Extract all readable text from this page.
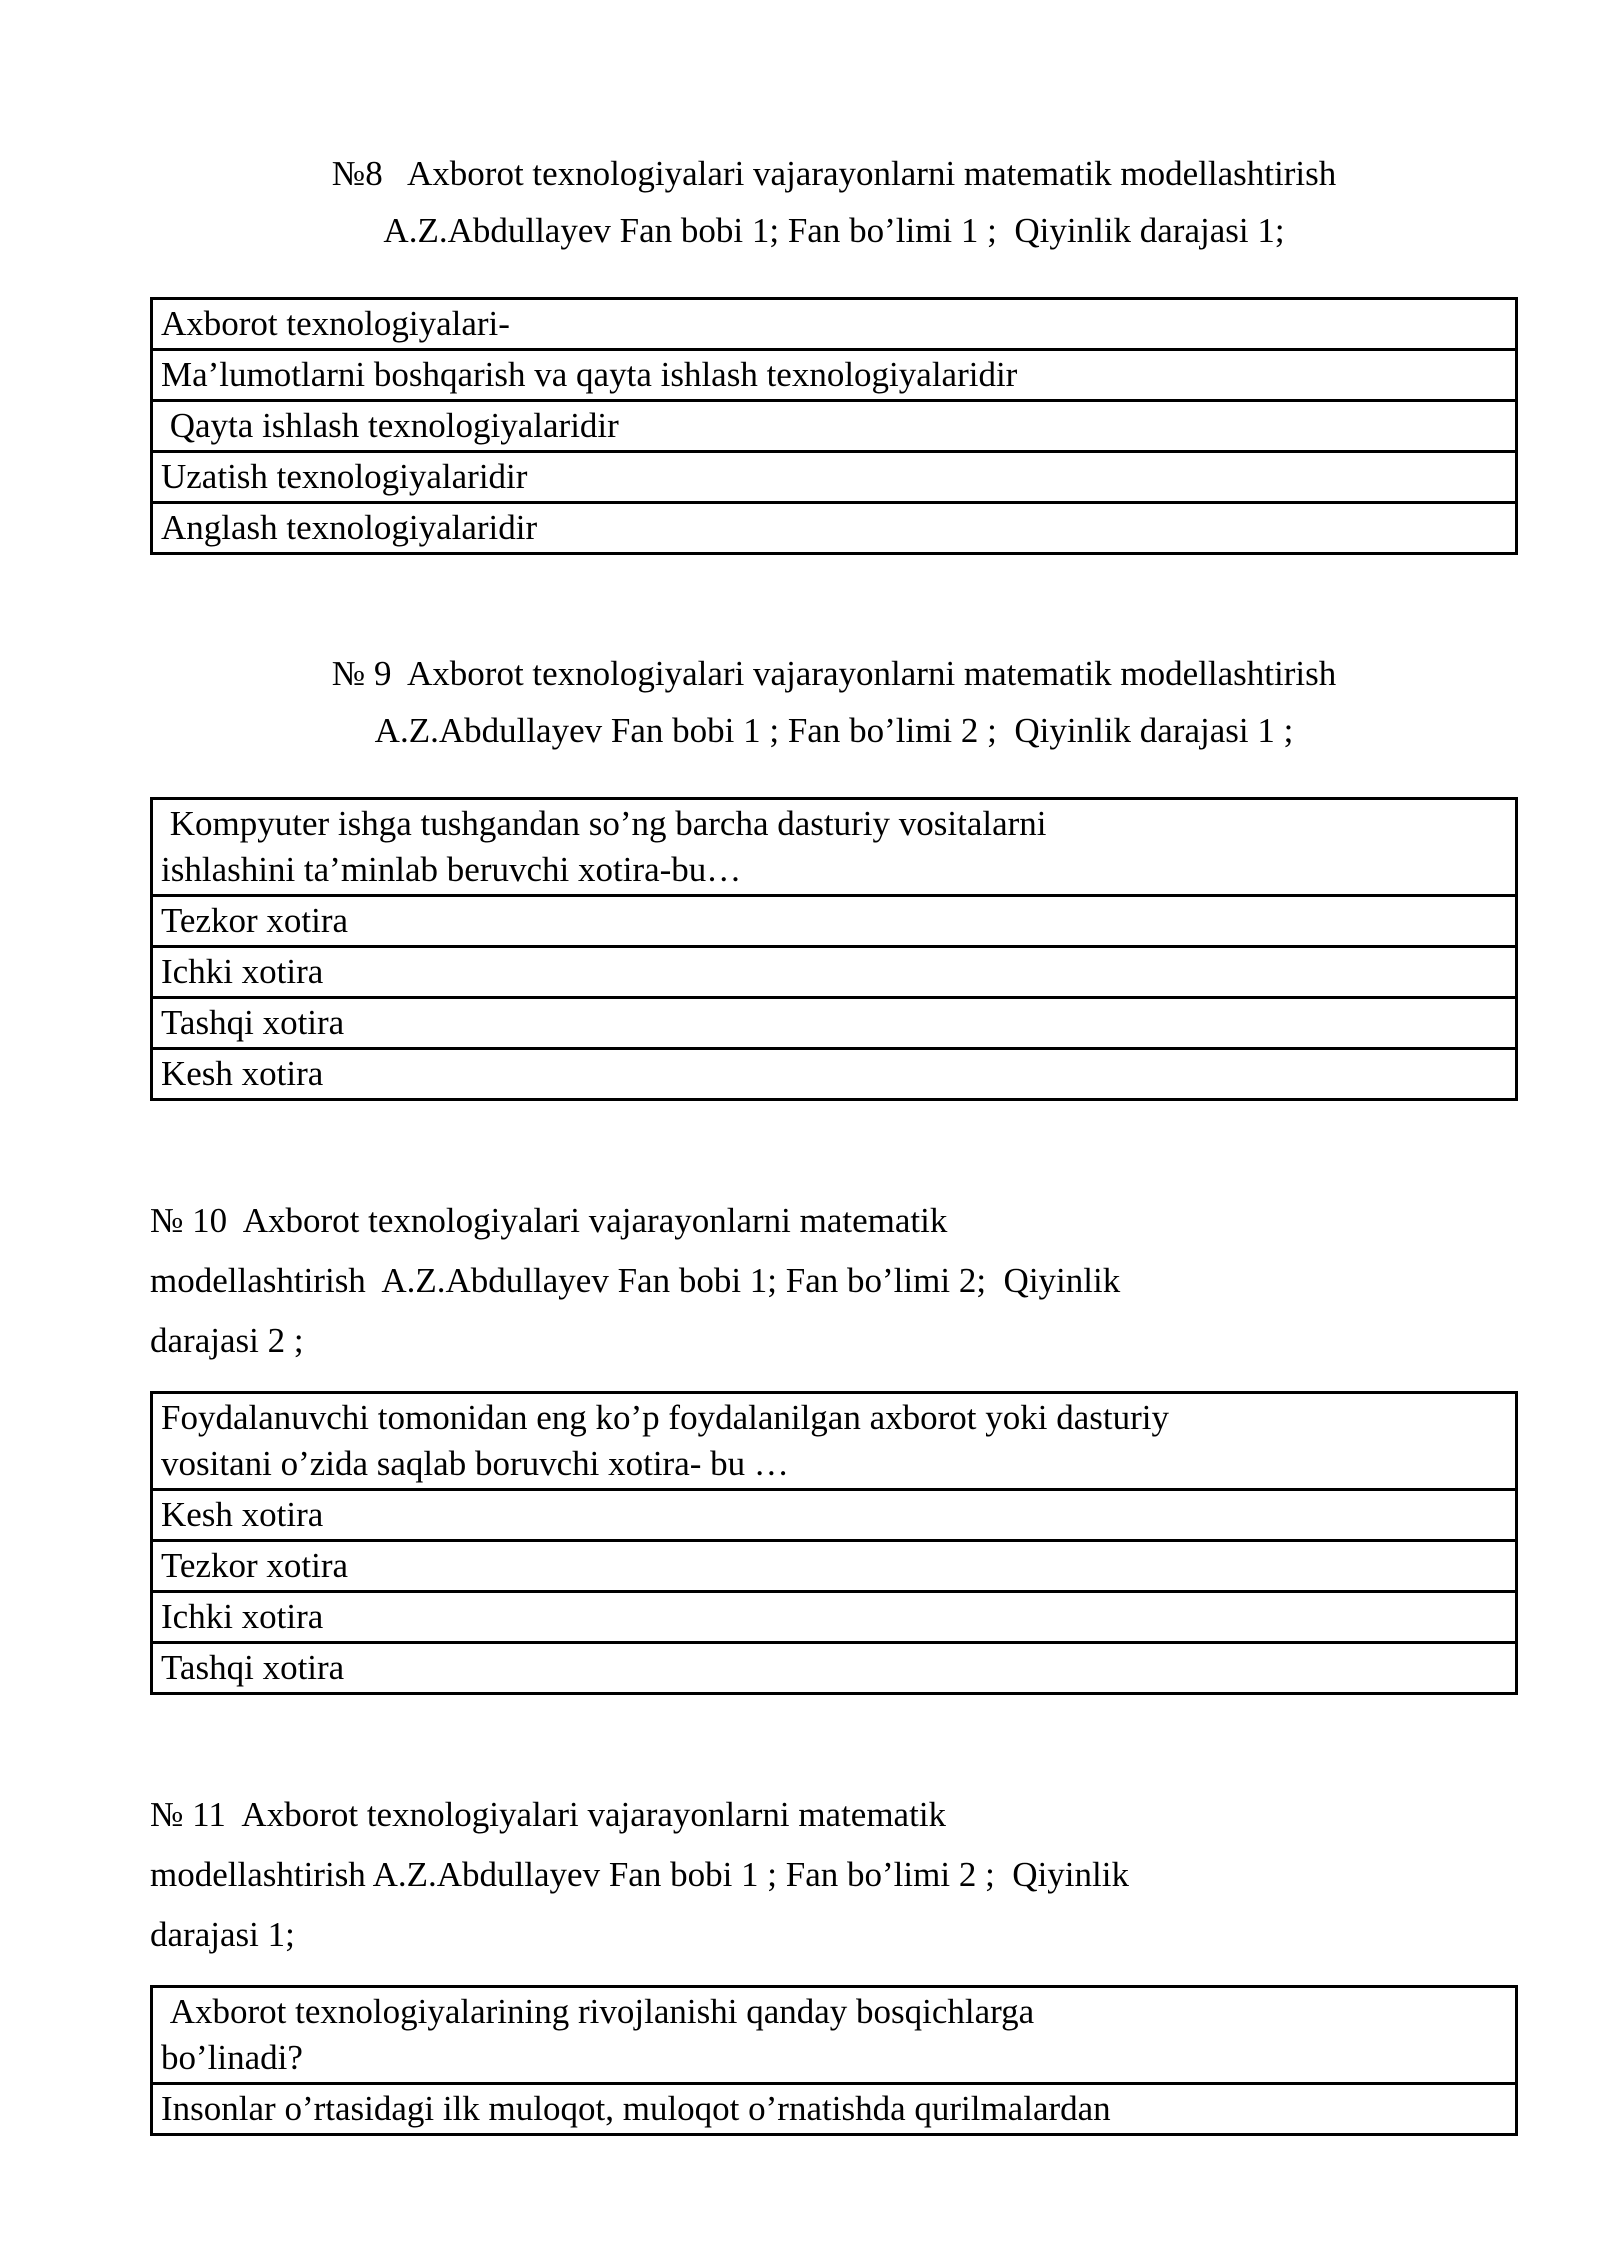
№8   Axborot texnologiyalari vajarayonlarni matematik modellashtirish
A.Z.Abdullayev Fan bobi 1; Fan bo’limi 1 ;  Qiyinlik darajasi 1;
Axborot texnologiyalari-
Ma’lumotlarni boshqarish va qayta ishlash texnologiyalaridir
Qayta ishlash texnologiyalaridir
Uzatish texnologiyalaridir
Anglash texnologiyalaridir
№ 9  Axborot texnologiyalari vajarayonlarni matematik modellashtirish
A.Z.Abdullayev Fan bobi 1 ; Fan bo’limi 2 ;  Qiyinlik darajasi 1 ;
Kompyuter ishga tushgandan so’ng barcha dasturiy vositalarni
ishlashini ta’minlab beruvchi xotira-bu…
Tezkor xotira
Ichki xotira
Tashqi xotira
Kesh xotira
№ 10  Axborot texnologiyalari vajarayonlarni matematik
modellashtirish  A.Z.Abdullayev Fan bobi 1; Fan bo’limi 2;  Qiyinlik
darajasi 2 ;
Foydalanuvchi tomonidan eng ko’p foydalanilgan axborot yoki dasturiy
vositani o’zida saqlab boruvchi xotira- bu …
Kesh xotira
Tezkor xotira
Ichki xotira
Tashqi xotira
№ 11  Axborot texnologiyalari vajarayonlarni matematik
modellashtirish A.Z.Abdullayev Fan bobi 1 ; Fan bo’limi 2 ;  Qiyinlik
darajasi 1;
Axborot texnologiyalarining rivojlanishi qanday bosqichlarga
bo’linadi?
Insonlar o’rtasidagi ilk muloqot, muloqot o’rnatishda qurilmalardan
